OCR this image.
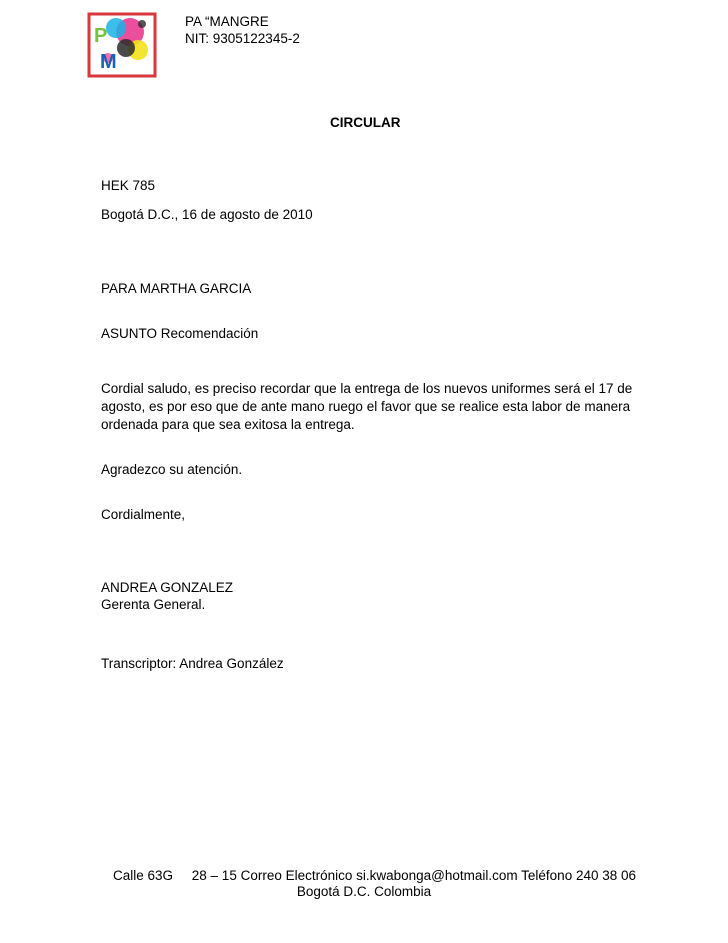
P
M
PA “MANGRE
NIT: 9305122345-2
CIRCULAR
HEK 785
Bogotá D.C., 16 de agosto de 2010
PARA MARTHA GARCIA
ASUNTO Recomendación
Cordial saludo, es preciso recordar que la entrega de los nuevos uniformes será el 17 de
agosto, es por eso que de ante mano ruego el favor que se realice esta labor de manera
ordenada para que sea exitosa la entrega.
Agradezco su atención.
Cordialmente,
ANDREA GONZALEZ
Gerenta General.
Transcriptor: Andrea González
Calle 63G     28 – 15 Correo Electrónico si.kwabonga@hotmail.com Teléfono 240 38 06
Bogotá D.C. Colombia
